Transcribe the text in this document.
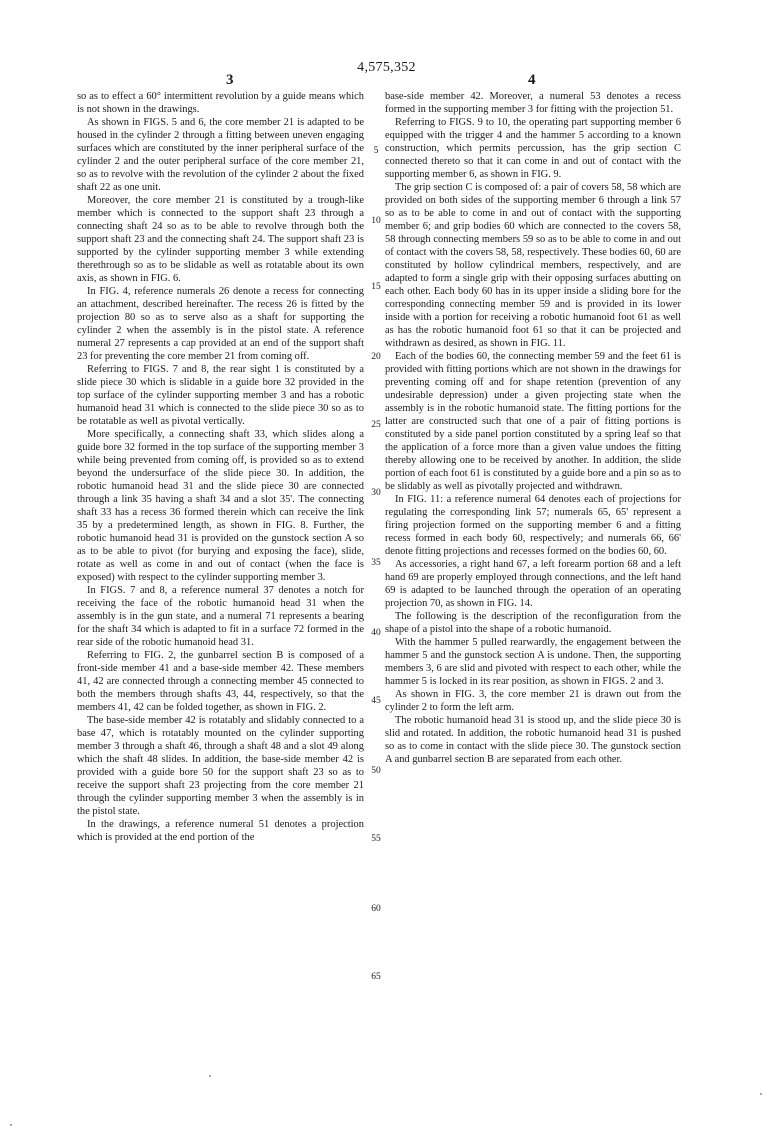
4,575,352
3	4

so as to effect a 60° intermittent revolution by a guide means which is not shown in the drawings.

As shown in FIGS. 5 and 6, the core member 21 is adapted to be housed in the cylinder 2 through a fitting between uneven engaging surfaces which are constituted by the inner peripheral surface of the cylinder 2 and the outer peripheral surface of the core member 21, so as to revolve with the revolution of the cylinder 2 about the fixed shaft 22 as one unit.

Moreover, the core member 21 is constituted by a trough-like member which is connected to the support shaft 23 through a connecting shaft 24 so as to be able to revolve through both the support shaft 23 and the connecting shaft 24. The support shaft 23 is supported by the cylinder supporting member 3 while extending therethrough so as to be slidable as well as rotatable about its own axis, as shown in FIG. 6.

In FIG. 4, reference numerals 26 denote a recess for connecting an attachment, described hereinafter. The recess 26 is fitted by the projection 80 so as to serve also as a shaft for supporting the cylinder 2 when the assembly is in the pistol state. A reference numeral 27 represents a cap provided at an end of the support shaft 23 for preventing the core member 21 from coming off.

Referring to FIGS. 7 and 8, the rear sight 1 is constituted by a slide piece 30 which is slidable in a guide bore 32 provided in the top surface of the cylinder supporting member 3 and has a robotic humanoid head 31 which is connected to the slide piece 30 so as to be rotatable as well as pivotal vertically.

More specifically, a connecting shaft 33, which slides along a guide bore 32 formed in the top surface of the supporting member 3 while being prevented from coming off, is provided so as to extend beyond the undersurface of the slide piece 30. In addition, the robotic humanoid head 31 and the slide piece 30 are connected through a link 35 having a shaft 34 and a slot 35'. The connecting shaft 33 has a recess 36 formed therein which can receive the link 35 by a predetermined length, as shown in FIG. 8. Further, the robotic humanoid head 31 is provided on the gunstock section A so as to be able to pivot (for burying and exposing the face), slide, rotate as well as come in and out of contact (when the face is exposed) with respect to the cylinder supporting member 3.

In FIGS. 7 and 8, a reference numeral 37 denotes a notch for receiving the face of the robotic humanoid head 31 when the assembly is in the gun state, and a numeral 71 represents a bearing for the shaft 34 which is adapted to fit in a surface 72 formed in the rear side of the robotic humanoid head 31.

Referring to FIG. 2, the gunbarrel section B is composed of a front-side member 41 and a base-side member 42. These members 41, 42 are connected through a connecting member 45 connected to both the members through shafts 43, 44, respectively, so that the members 41, 42 can be folded together, as shown in FIG. 2.

The base-side member 42 is rotatably and slidably connected to a base 47, which is rotatably mounted on the cylinder supporting member 3 through a shaft 46, through a shaft 48 and a slot 49 along which the shaft 48 slides. In addition, the base-side member 42 is provided with a guide bore 50 for the support shaft 23 so as to receive the support shaft 23 projecting from the core member 21 through the cylinder supporting member 3 when the assembly is in the pistol state.

In the drawings, a reference numeral 51 denotes a projection which is provided at the end portion of the

5
10
15
20
25
30
35
40
45
50
55
60
65

base-side member 42. Moreover, a numeral 53 denotes a recess formed in the supporting member 3 for fitting with the projection 51.

Referring to FIGS. 9 to 10, the operating part supporting member 6 equipped with the trigger 4 and the hammer 5 according to a known construction, which permits percussion, has the grip section C connected thereto so that it can come in and out of contact with the supporting member 6, as shown in FIG. 9.

The grip section C is composed of: a pair of covers 58, 58 which are provided on both sides of the supporting member 6 through a link 57 so as to be able to come in and out of contact with the supporting member 6; and grip bodies 60 which are connected to the covers 58, 58 through connecting members 59 so as to be able to come in and out of contact with the covers 58, 58, respectively. These bodies 60, 60 are constituted by hollow cylindrical members, respectively, and are adapted to form a single grip with their opposing surfaces abutting on each other. Each body 60 has in its upper inside a sliding bore for the corresponding connecting member 59 and is provided in its lower inside with a portion for receiving a robotic humanoid foot 61 as well as has the robotic humanoid foot 61 so that it can be projected and withdrawn as desired, as shown in FIG. 11.

Each of the bodies 60, the connecting member 59 and the feet 61 is provided with fitting portions which are not shown in the drawings for preventing coming off and for shape retention (prevention of any undesirable depression) under a given projecting state when the assembly is in the robotic humanoid state. The fitting portions for the latter are constructed such that one of a pair of fitting portions is constituted by a side panel portion constituted by a spring leaf so that the application of a force more than a given value undoes the fitting thereby allowing one to be received by another. In addition, the slide portion of each foot 61 is constituted by a guide bore and a pin so as to be slidably as well as pivotally projected and withdrawn.

In FIG. 11: a reference numeral 64 denotes each of projections for regulating the corresponding link 57; numerals 65, 65' represent a firing projection formed on the supporting member 6 and a fitting recess formed in each body 60, respectively; and numerals 66, 66' denote fitting projections and recesses formed on the bodies 60, 60.

As accessories, a right hand 67, a left forearm portion 68 and a left hand 69 are properly employed through connections, and the left hand 69 is adapted to be launched through the operation of an operating projection 70, as shown in FIG. 14.

The following is the description of the reconfiguration from the shape of a pistol into the shape of a robotic humanoid.

With the hammer 5 pulled rearwardly, the engagement between the hammer 5 and the gunstock section A is undone. Then, the supporting members 3, 6 are slid and pivoted with respect to each other, while the hammer 5 is locked in its rear position, as shown in FIGS. 2 and 3.

As shown in FIG. 3, the core member 21 is drawn out from the cylinder 2 to form the left arm.

The robotic humanoid head 31 is stood up, and the slide piece 30 is slid and rotated. In addition, the robotic humanoid head 31 is pushed so as to come in contact with the slide piece 30. The gunstock section A and gunbarrel section B are separated from each other.
